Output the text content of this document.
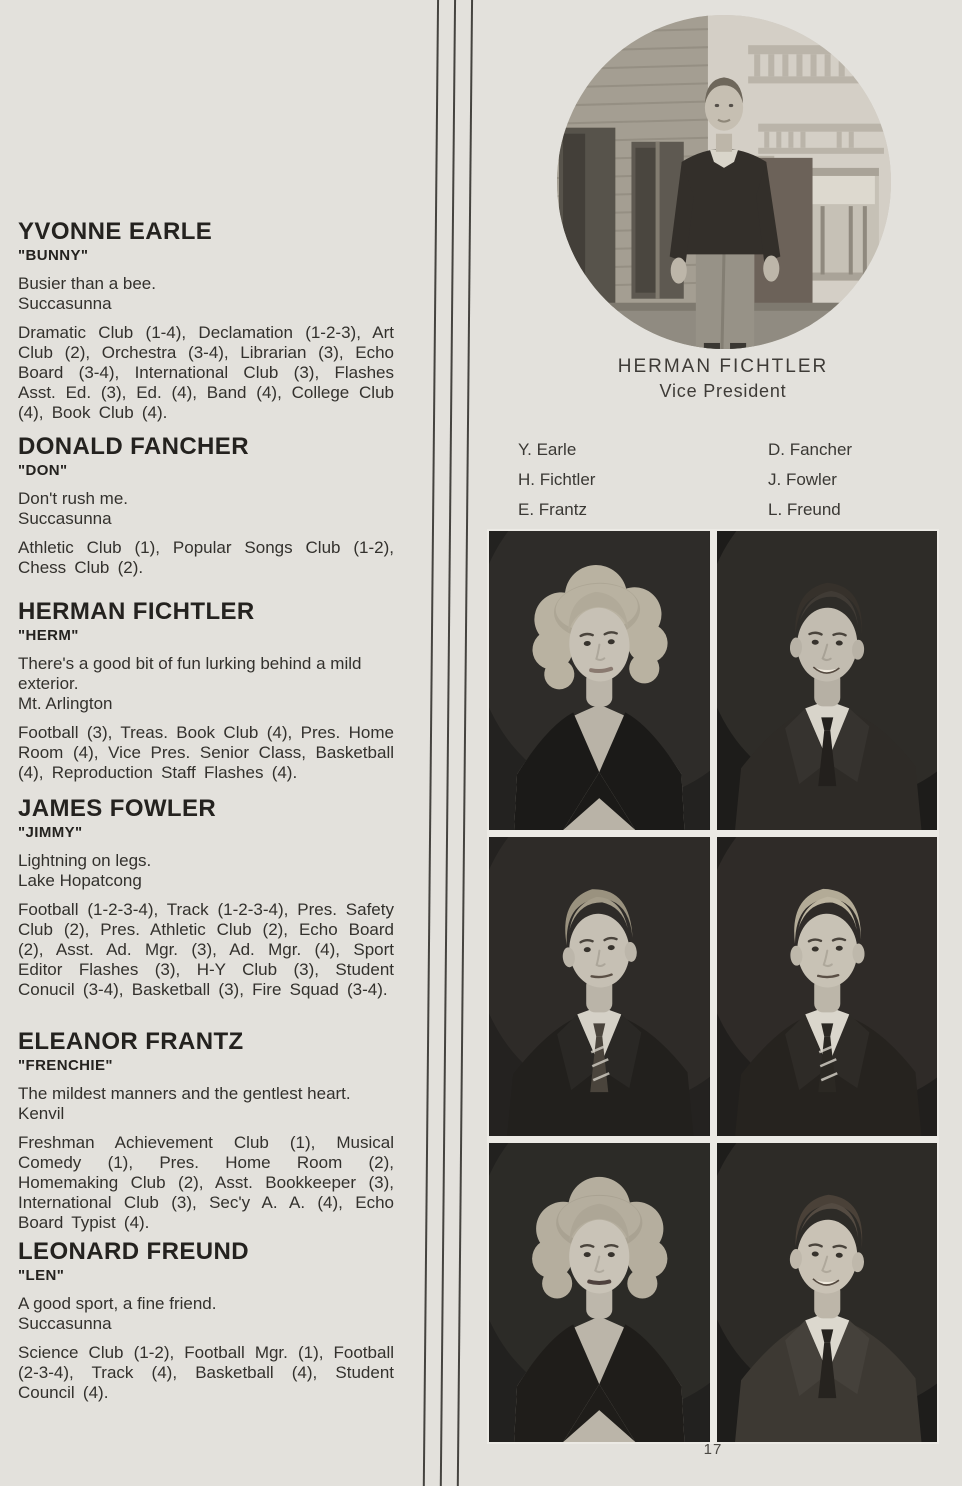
YVONNE EARLE
"BUNNY"
Busier than a bee.
Succasunna
Dramatic Club (1-4), Declamation (1-2-3), Art Club (2), Orchestra (3-4), Librarian (3), Echo Board (3-4), International Club (3), Flashes Asst. Ed. (3), Ed. (4), Band (4), College Club (4), Book Club (4).
DONALD FANCHER
"DON"
Don't rush me.
Succasunna
Athletic Club (1), Popular Songs Club (1-2), Chess Club (2).
HERMAN FICHTLER
"HERM"
There's a good bit of fun lurking behind a mild exterior.
Mt. Arlington
Football (3), Treas. Book Club (4), Pres. Home Room (4), Vice Pres. Senior Class, Basketball (4), Reproduction Staff Flashes (4).
JAMES FOWLER
"JIMMY"
Lightning on legs.
Lake Hopatcong
Football (1-2-3-4), Track (1-2-3-4), Pres. Safety Club (2), Pres. Athletic Club (2), Echo Board (2), Asst. Ad. Mgr. (3), Ad. Mgr. (4), Sport Editor Flashes (3), H-Y Club (3), Student Conucil (3-4), Basketball (3), Fire Squad (3-4).
ELEANOR FRANTZ
"FRENCHIE"
The mildest manners and the gentlest heart.
Kenvil
Freshman Achievement Club (1), Musical Comedy (1), Pres. Home Room (2), Homemaking Club (2), Asst. Bookkeeper (3), International Club (3), Sec'y A. A. (4), Echo Board Typist (4).
LEONARD FREUND
"LEN"
A good sport, a fine friend.
Succasunna
Science Club (1-2), Football Mgr. (1), Football (2-3-4), Track (4), Basketball (4), Student Council (4).
HERMAN FICHTLER
Vice President
Y. Earle	D. Fancher
H. Fichtler	J. Fowler
E. Frantz	L. Freund
17
